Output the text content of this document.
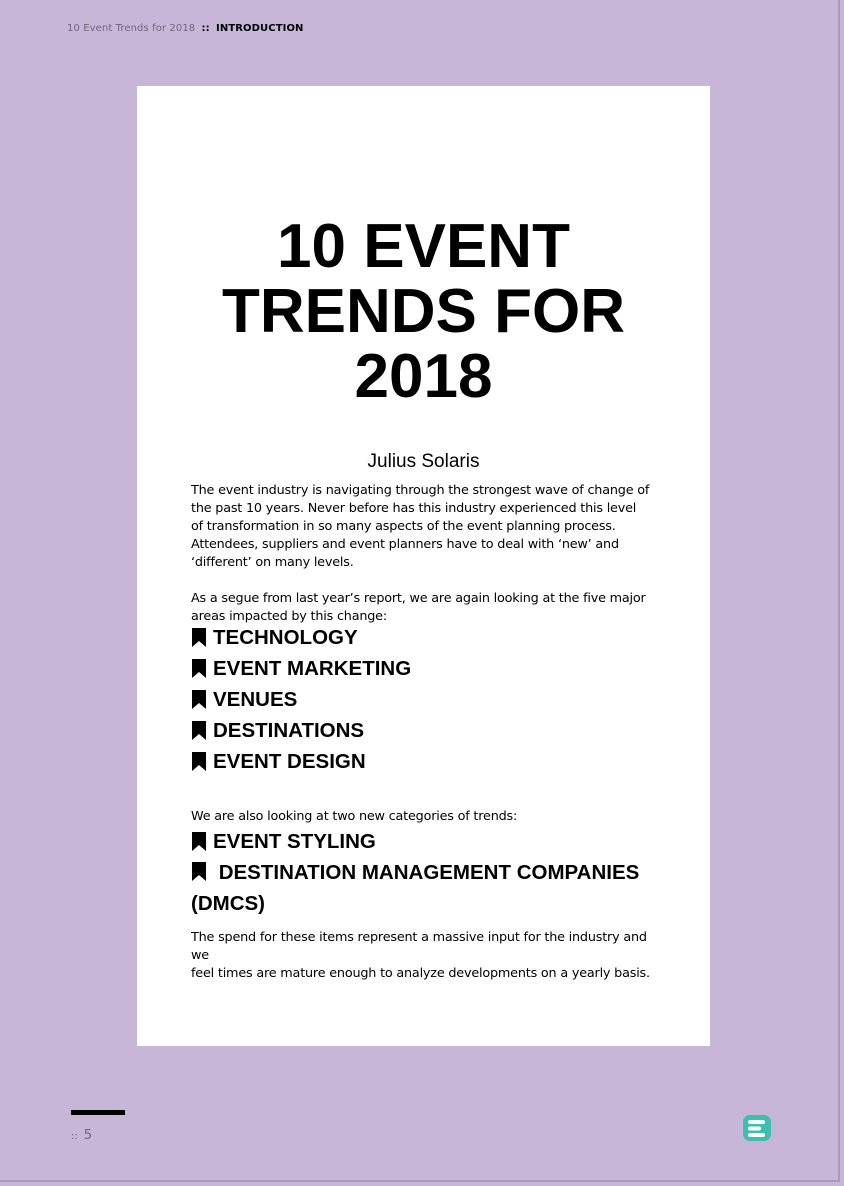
10 Event Trends for 2018 :: INTRODUCTION
10 EVENT
TRENDS FOR
2018
Julius Solaris

The event industry is navigating through the strongest wave of change of
the past 10 years. Never before has this industry experienced this level
of transformation in so many aspects of the event planning process.
Attendees, suppliers and event planners have to deal with ‘new’ and
‘different’ on many levels.

As a segue from last year’s report, we are again looking at the five major
areas impacted by this change:

TECHNOLOGY
EVENT MARKETING
VENUES
DESTINATIONS
EVENT DESIGN

We are also looking at two new categories of trends:

EVENT STYLING
DESTINATION MANAGEMENT COMPANIES (DMCS)

The spend for these items represent a massive input for the industry and we
feel times are mature enough to analyze developments on a yearly basis.

:: 5
